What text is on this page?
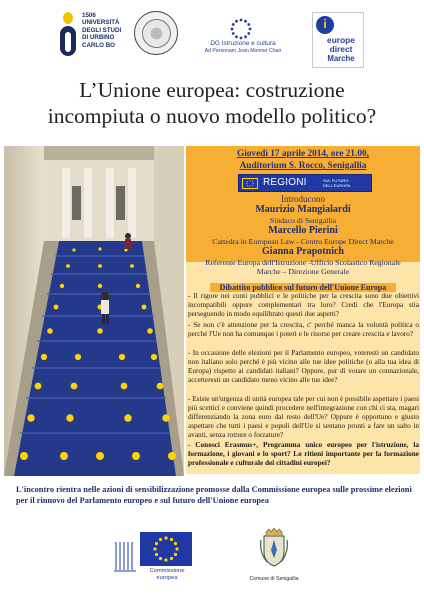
1506
UNIVERSITÀ
DEGLI STUDI
DI URBINO
CARLO BO	DG Istruzione e cultura
Ad Personam Jean Monnet Chair
i
europe
direct
Marche
L’Unione europea: costruzione
incompiuta o nuovo modello politico?
Giovedì 17 aprile 2014, ore 21.00,
Auditorium S. Rocco, Senigallia
REGIONI	SUL FUTURO DELL'EUROPA
Introducono
Maurizio Mangialardi
Sindaco di Senigallia
Marcello Pierini
Cattedra in European Law - Centro Europe Direct Marche
Gianna Prapotnich
Referente Europa dell'Istruzione -Ufficio Scolastico Regionale
Marche – Direzione Generale
Dibattito pubblico sul futuro dell'Unione Europa
- Il rigore nei conti pubblici e le politiche per la crescita sono due obiettivi incompatibili oppure complementari tra loro? Credi che l'Europa stia perseguendo in modo equilibrato questi due aspetti?
- Se non c'è attenzione per la crescita, c' perché manca la volontà politica o perché l'Ue non ha comunque i poteri e le risorse per creare crescita e lavoro?
- In occasione delle elezioni per il Parlamento europeo, voteresti un candidato non italiano solo perché è più vicino alle tue idee politiche (o alla tua idea di Europa) rispetto ai candidati italiani? Oppure, pur di votare un connazionale, accetteresti un candidato meno vicino alle tue idee?
- Esiste un'urgenza di unità europea tale per cui non è possibile aspettare i paesi più scettici e conviene quindi procedere nell'integrazione con chi ci sta, magari differenziando la zona euro dal resto dell'Ue? Oppure è opportuno e giusto aspettare che tutti i paesi e popoli dell'Ue si sentano pronti a fare un salto in avanti, senza rotture o forzature?
- Conosci Erasmus+, Programma unico europeo per l'istruzione, la formazione, i giovani e lo sport? Lo ritieni importante per la formazione professionale e culturale dei cittadini europei?
L'incontro rientra nelle azioni di sensibilizzazione promosse dalla Commissione europea sulle prossime elezioni per il rinnovo del Parlamento europeo e sul futuro dell'Unione europea
Commissione
europea	Comune di Senigallia
